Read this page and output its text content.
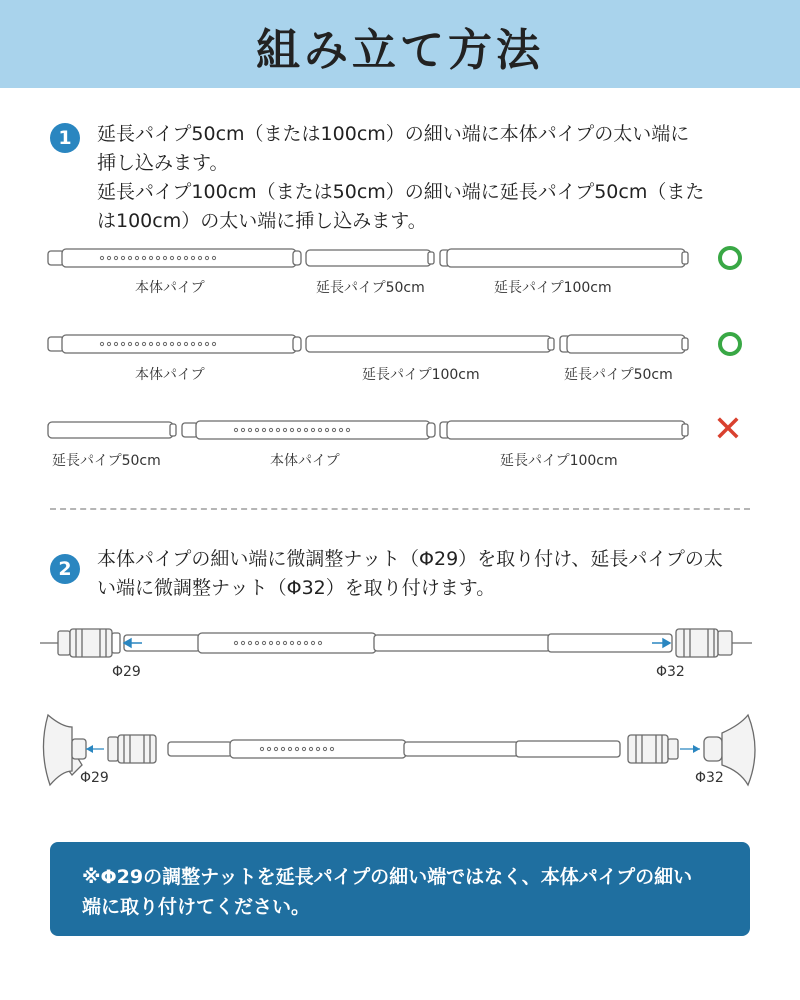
組み立て方法
1	延長パイプ50cm（または100cm）の細い端に本体パイプの太い端に
挿し込みます。
延長パイプ100cm（または50cm）の細い端に延長パイプ50cm（また
は100cm）の太い端に挿し込みます。
本体パイプ	延長パイプ50cm	延長パイプ100cm
本体パイプ	延長パイプ100cm	延長パイプ50cm
延長パイプ50cm	本体パイプ	延長パイプ100cm
✕
2	本体パイプの細い端に微調整ナット（Φ29）を取り付け、延長パイプの太
い端に微調整ナット（Φ32）を取り付けます。
Φ29	Φ32
Φ29	Φ32
※Φ29の調整ナットを延長パイプの細い端ではなく、本体パイプの細い
端に取り付けてください。
